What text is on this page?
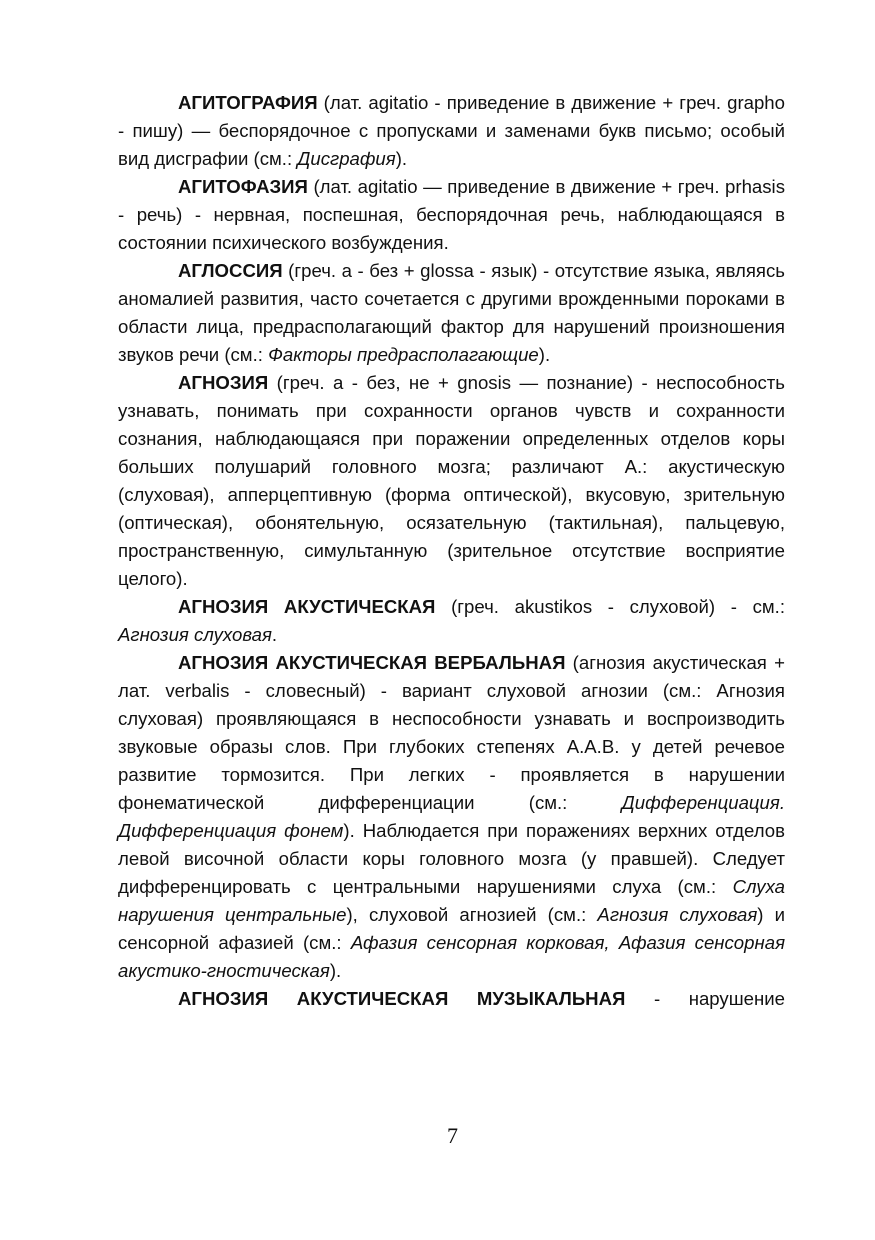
АГИТОГРАФИЯ (лат. agitatio - приведение в движение + греч. grapho - пишу) — беспорядочное с пропусками и заменами букв письмо; особый вид дисграфии (см.: Дисграфия).

АГИТОФАЗИЯ (лат. agitatio — приведение в движение + греч. prhasis - речь) - нервная, поспешная, беспорядочная речь, наблюдающаяся в состоянии психического возбуждения.

АГЛОССИЯ (греч. а - без + glossa - язык) - отсутствие языка, являясь аномалией развития, часто сочетается с другими врожденными пороками в области лица, предрасполагающий фактор для нарушений произношения звуков речи (см.: Факторы предрасполагающие).

АГНОЗИЯ (греч. а - без, не + gnosis — познание) - неспособность узнавать, понимать при сохранности органов чувств и сохранности сознания, наблюдающаяся при поражении определенных отделов коры больших полушарий головного мозга; различают А.: акустическую (слуховая), апперцептивную (форма оптической), вкусовую, зрительную (оптическая), обонятельную, осязательную (тактильная), пальцевую, пространственную, симультанную (зрительное отсутствие восприятие целого).

АГНОЗИЯ АКУСТИЧЕСКАЯ (греч. akustikos - слуховой) - см.: Агнозия слуховая.

АГНОЗИЯ АКУСТИЧЕСКАЯ ВЕРБАЛЬНАЯ (агнозия акустическая + лат. verbalis - словесный) - вариант слуховой агнозии (см.: Агнозия слуховая) проявляющаяся в неспособности узнавать и воспроизводить звуковые образы слов. При глубоких степенях А.А.В. у детей речевое развитие тормозится. При легких - проявляется в нарушении фонематической дифференциации (см.: Дифференциация. Дифференциация фонем). Наблюдается при поражениях верхних отделов левой височной области коры головного мозга (у правшей). Следует дифференцировать с центральными нарушениями слуха (см.: Слуха нарушения центральные), слуховой агнозией (см.: Агнозия слуховая) и сенсорной афазией (см.: Афазия сенсорная корковая, Афазия сенсорная акустико-гностическая).

АГНОЗИЯ АКУСТИЧЕСКАЯ МУЗЫКАЛЬНАЯ - нарушение

7
